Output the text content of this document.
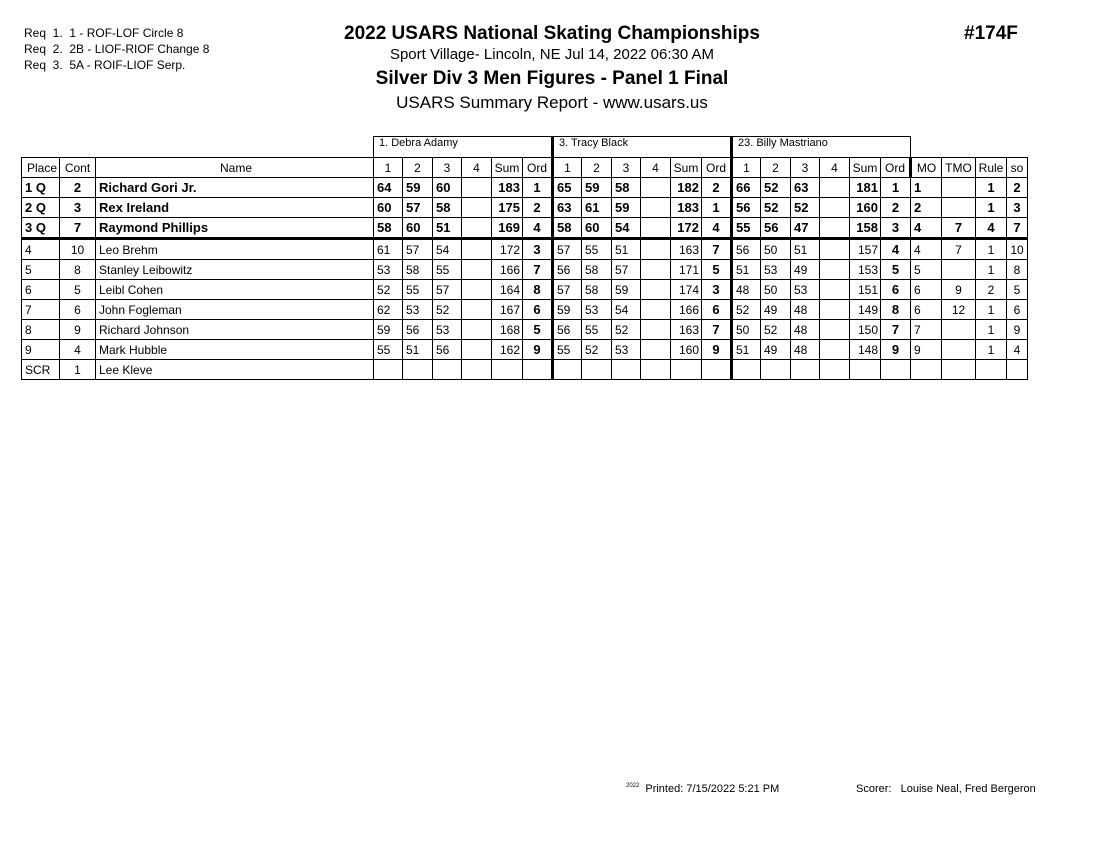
Req  1.  1 - ROF-LOF Circle 8
Req  2.  2B - LIOF-RIOF Change 8
Req  3.  5A - ROIF-LIOF Serp.
2022 USARS National Skating Championships
Sport Village- Lincoln, NE Jul 14, 2022 06:30 AM
Silver Div 3 Men Figures - Panel 1 Final
USARS Summary Report - www.usars.us
#174F
			1. Debra Adamy						3. Tracy Black						23. Billy Mastriano									
Place	Cont	Name	1	2	3	4	Sum	Ord	1	2	3	4	Sum	Ord	1	2	3	4	Sum	Ord	MO	TMO	Rule	so
1 Q	2	Richard Gori Jr.	64	59	60		183	1	65	59	58		182	2	66	52	63		181	1	1		1	2
2 Q	3	Rex Ireland	60	57	58		175	2	63	61	59		183	1	56	52	52		160	2	2		1	3
3 Q	7	Raymond Phillips	58	60	51		169	4	58	60	54		172	4	55	56	47		158	3	4	7	4	7
4	10	Leo Brehm	61	57	54		172	3	57	55	51		163	7	56	50	51		157	4	4	7	1	10
5	8	Stanley Leibowitz	53	58	55		166	7	56	58	57		171	5	51	53	49		153	5	5		1	8
6	5	Leibl Cohen	52	55	57		164	8	57	58	59		174	3	48	50	53		151	6	6	9	2	5
7	6	John Fogleman	62	53	52		167	6	59	53	54		166	6	52	49	48		149	8	6	12	1	6
8	9	Richard Johnson	59	56	53		168	5	56	55	52		163	7	50	52	48		150	7	7		1	9
9	4	Mark Hubble	55	51	56		162	9	55	52	53		160	9	51	49	48		148	9	9		1	4
SCR	1	Lee Kleve																						
$^{2022}$ Printed: 7/15/2022 5:21 PM	Scorer:   Louise Neal, Fred Bergeron
